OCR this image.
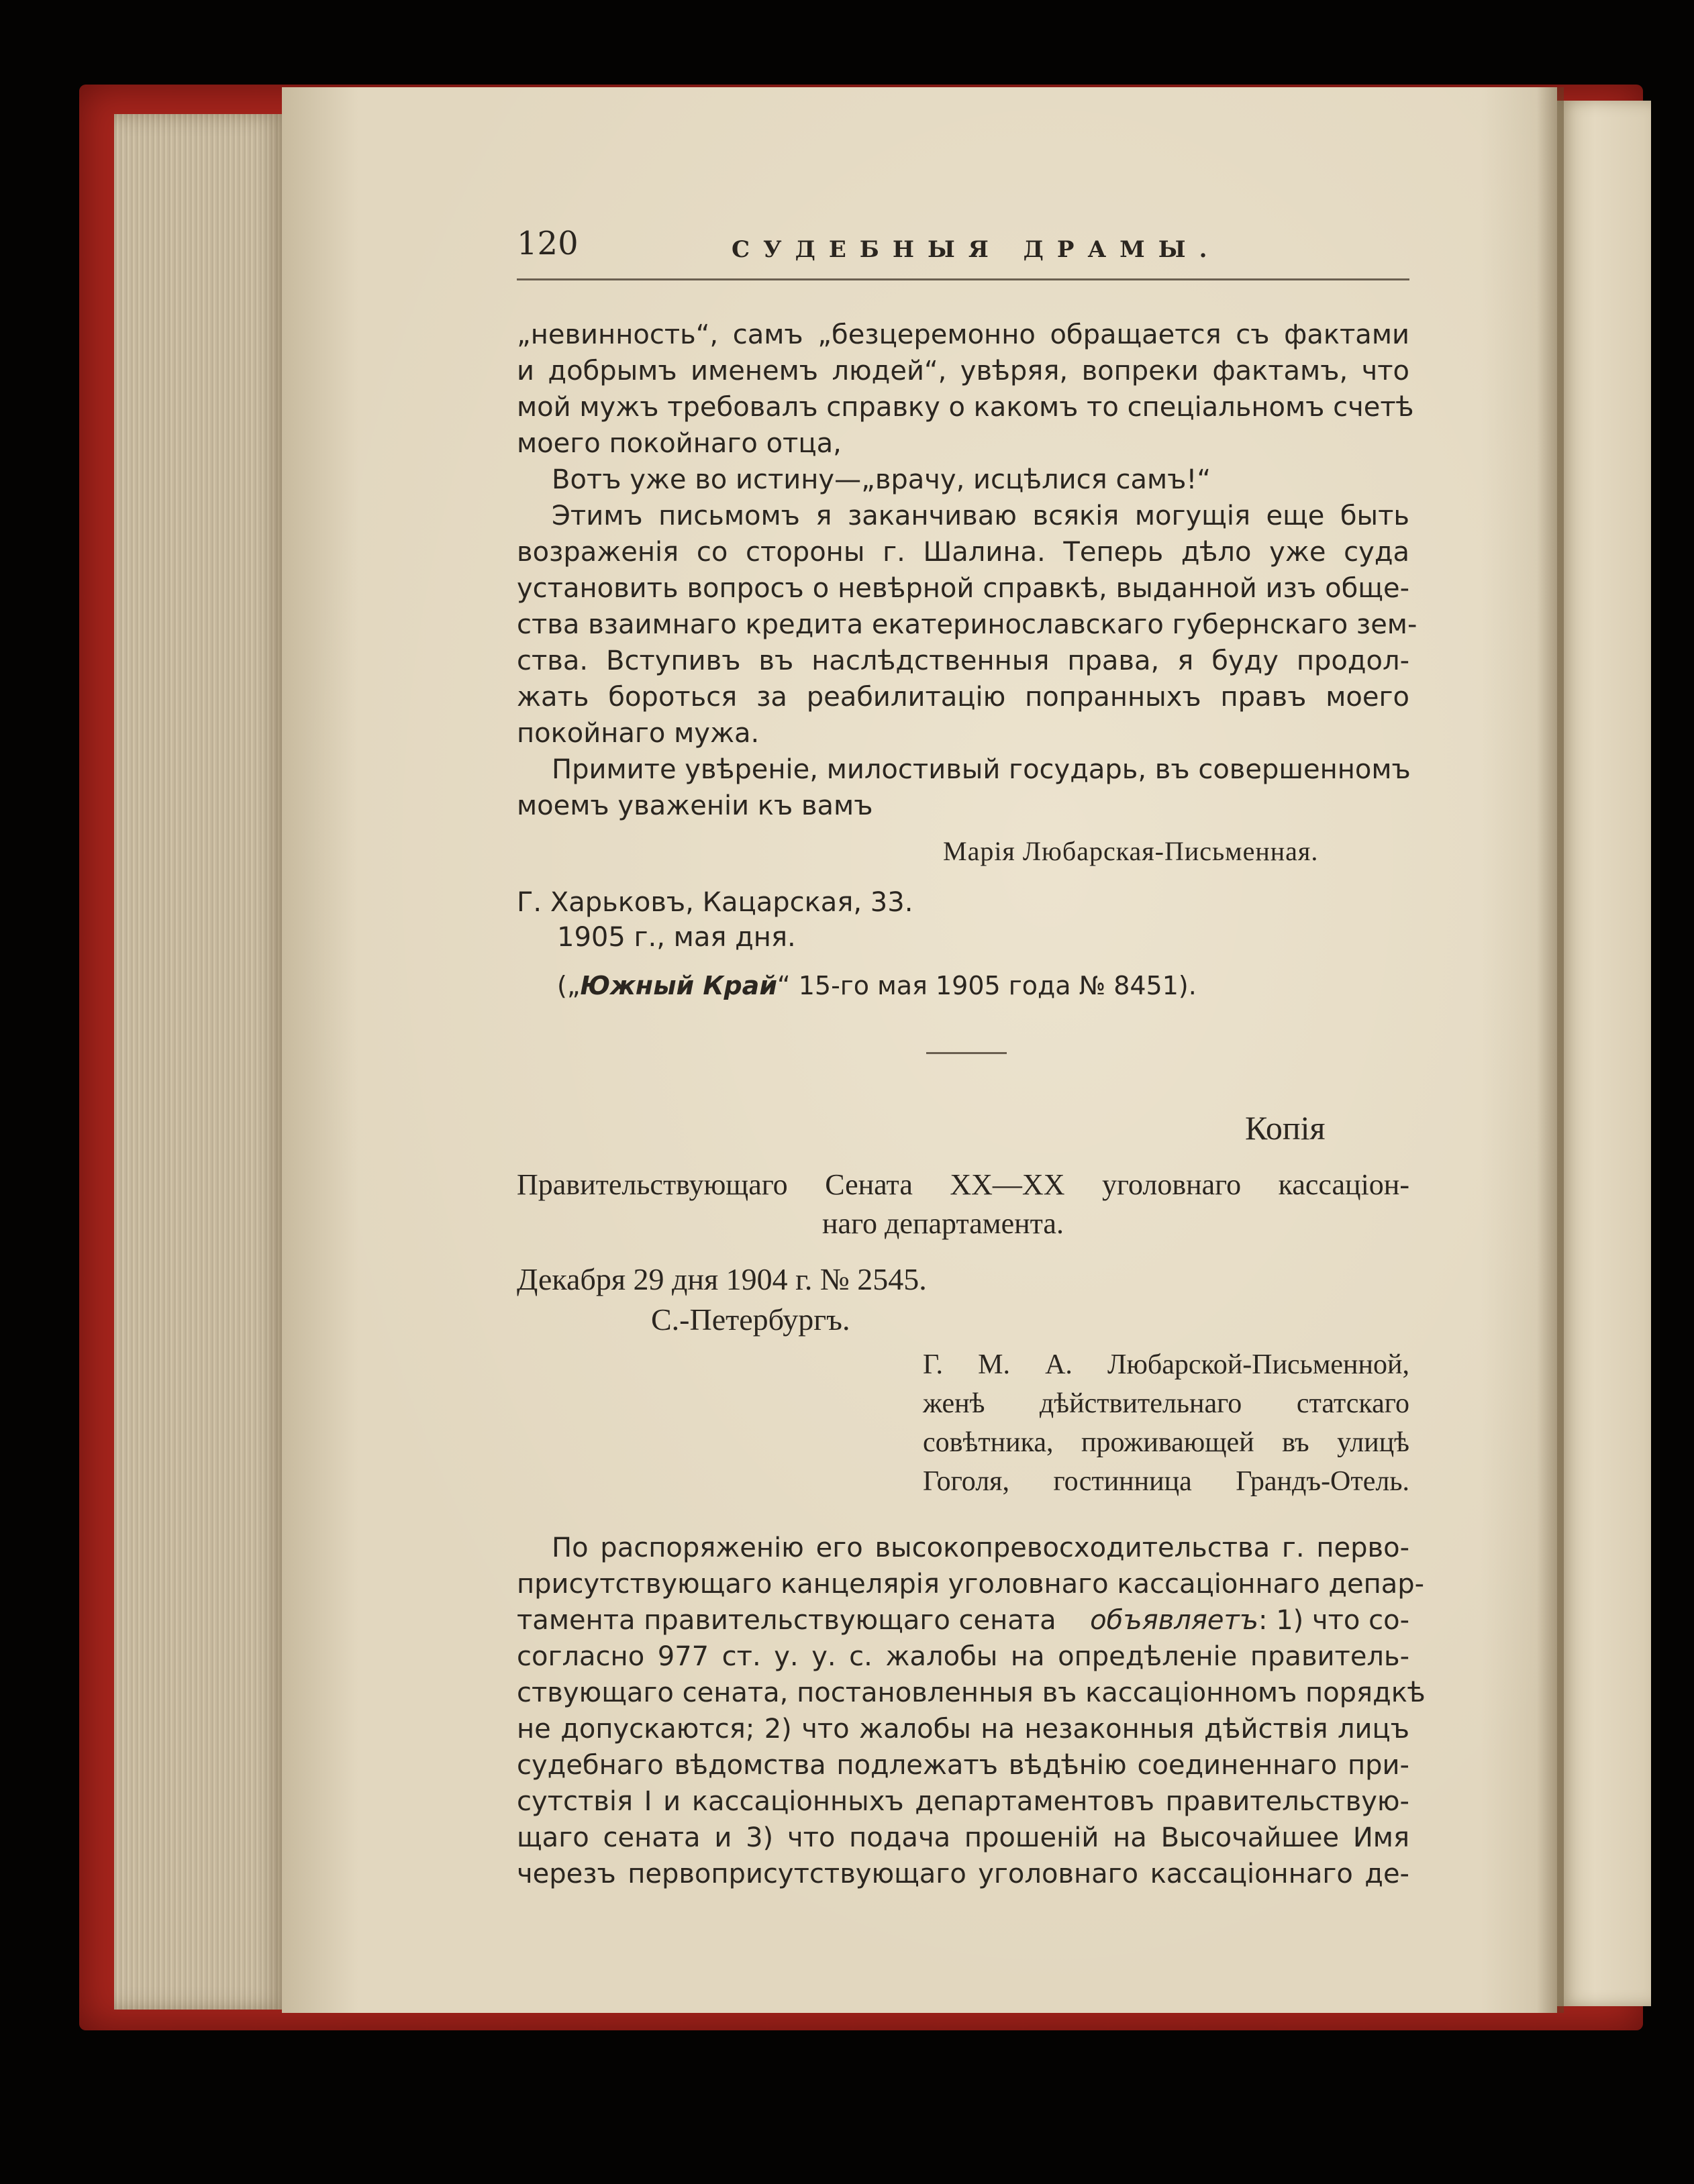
120	СУДЕБНЫЯ ДРАМЫ.
„невинность“, самъ „безцеремонно обращается съ фактами
и добрымъ именемъ людей“, увѣряя, вопреки фактамъ, что
мой мужъ требовалъ справку о какомъ то спеціальномъ счетѣ
моего покойнаго отца,
Вотъ уже во истину—„врачу, исцѣлися самъ!“
Этимъ письмомъ я заканчиваю всякія могущія еще быть
возраженія со стороны г. Шалина. Теперь дѣло уже суда
установить вопросъ о невѣрной справкѣ, выданной изъ обще-
ства взаимнаго кредита екатеринославскаго губернскаго зем-
ства. Вступивъ въ наслѣдственныя права, я буду продол-
жать бороться за реабилитацію попранныхъ правъ моего
покойнаго мужа.
Примите увѣреніе, милостивый государь, въ совершенномъ
моемъ уваженіи къ вамъ
Марія Любарская-Письменная.
Г. Харьковъ, Кацарская, 33.
1905 г., мая дня.
(„Южный Край“ 15-го мая 1905 года № 8451).
Копія
Правительствующаго Сената ХХ—ХХ уголовнаго кассаціон-
наго департамента.
Декабря 29 дня 1904 г. № 2545.
С.-Петербургъ.
Г. М. А. Любарской-Письменной,
женѣ дѣйствительнаго статскаго
совѣтника, проживающей въ улицѣ
Гоголя, гостинница Грандъ-Отель.
По распоряженію его высокопревосходительства г. перво-
присутствующаго канцелярія уголовнаго кассаціоннаго депар-
тамента правительствующаго сената объявляетъ: 1) что со-
согласно 977 ст. у. у. с. жалобы на опредѣленіе правитель-
ствующаго сената, постановленныя въ кассаціонномъ порядкѣ
не допускаются; 2) что жалобы на незаконныя дѣйствія лицъ
судебнаго вѣдомства подлежатъ вѣдѣнію соединеннаго при-
сутствія I и кассаціонныхъ департаментовъ правительствую-
щаго сената и 3) что подача прошеній на Высочайшее Имя
черезъ первоприсутствующаго уголовнаго кассаціоннаго де-
